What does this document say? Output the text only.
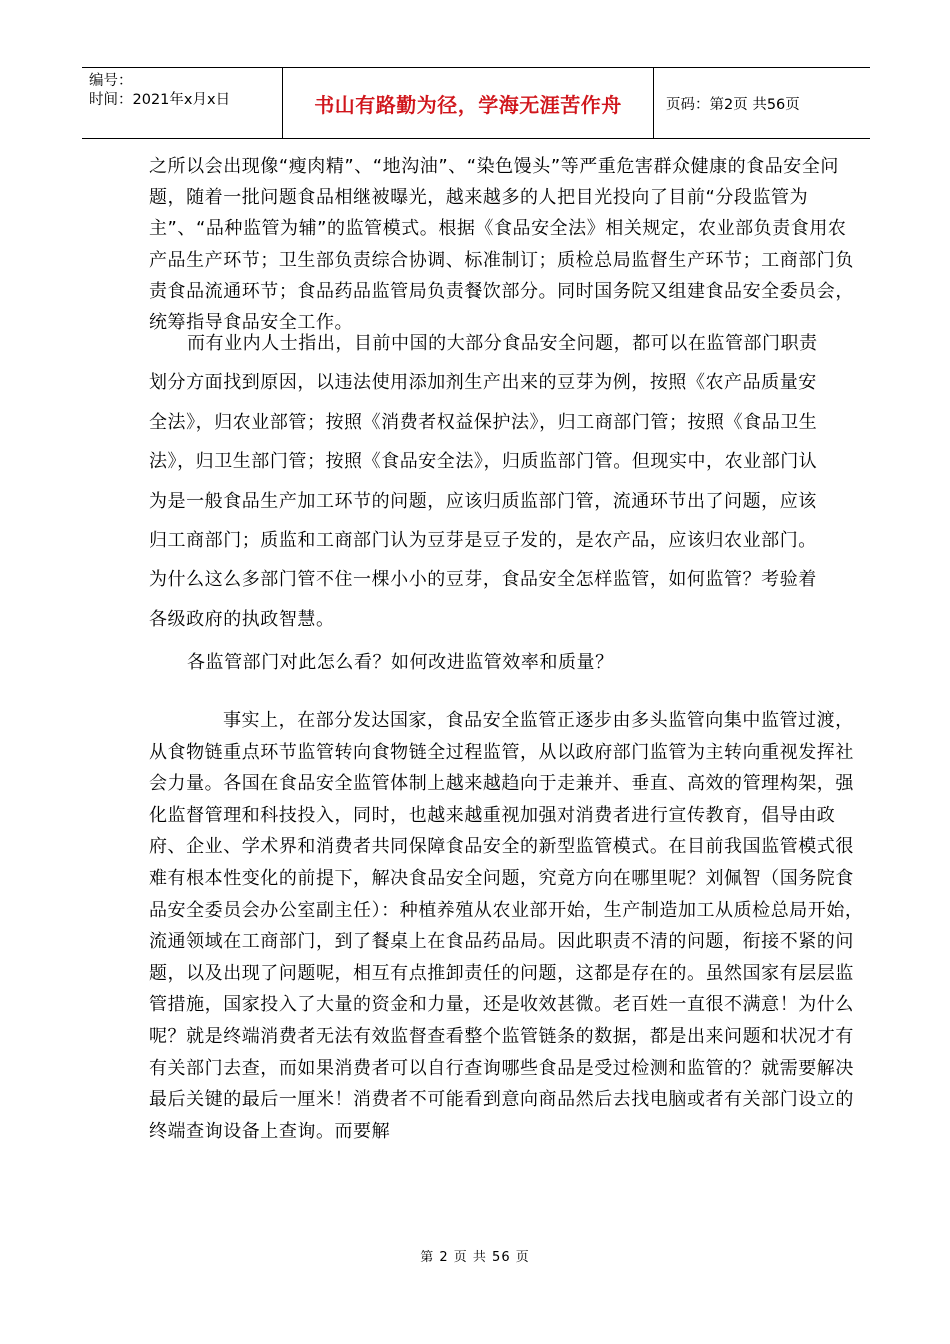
编号：
时间：2021年x月x日	书山有路勤为径，学海无涯苦作舟	页码：第2页 共56页

之所以会出现像“瘦肉精”、“地沟油”、“染色馒头”等严重危害群众健康的食品安全问题，随着一批问题食品相继被曝光，越来越多的人把目光投向了目前“分段监管为主”、“品种监管为辅”的监管模式。根据《食品安全法》相关规定，农业部负责食用农产品生产环节；卫生部负责综合协调、标准制订；质检总局监督生产环节；工商部门负责食品流通环节；食品药品监管局负责餐饮部分。同时国务院又组建食品安全委员会，统筹指导食品安全工作。

而有业内人士指出，目前中国的大部分食品安全问题，都可以在监管部门职责划分方面找到原因，以违法使用添加剂生产出来的豆芽为例，按照《农产品质量安全法》，归农业部管；按照《消费者权益保护法》，归工商部门管；按照《食品卫生法》，归卫生部门管；按照《食品安全法》，归质监部门管。但现实中，农业部门认为是一般食品生产加工环节的问题，应该归质监部门管，流通环节出了问题，应该归工商部门；质监和工商部门认为豆芽是豆子发的，是农产品，应该归农业部门。为什么这么多部门管不住一棵小小的豆芽，食品安全怎样监管，如何监管？考验着各级政府的执政智慧。

各监管部门对此怎么看？如何改进监管效率和质量？

事实上，在部分发达国家，食品安全监管正逐步由多头监管向集中监管过渡，从食物链重点环节监管转向食物链全过程监管，从以政府部门监管为主转向重视发挥社会力量。各国在食品安全监管体制上越来越趋向于走兼并、垂直、高效的管理构架，强化监督管理和科技投入，同时，也越来越重视加强对消费者进行宣传教育，倡导由政府、企业、学术界和消费者共同保障食品安全的新型监管模式。在目前我国监管模式很难有根本性变化的前提下，解决食品安全问题，究竟方向在哪里呢？刘佩智（国务院食品安全委员会办公室副主任）：种植养殖从农业部开始，生产制造加工从质检总局开始，流通领域在工商部门，到了餐桌上在食品药品局。因此职责不清的问题，衔接不紧的问题，以及出现了问题呢，相互有点推卸责任的问题，这都是存在的。虽然国家有层层监管措施，国家投入了大量的资金和力量，还是收效甚微。老百姓一直很不满意！为什么呢？就是终端消费者无法有效监督查看整个监管链条的数据，都是出来问题和状况才有有关部门去查，而如果消费者可以自行查询哪些食品是受过检测和监管的？就需要解决最后关键的最后一厘米！消费者不可能看到意向商品然后去找电脑或者有关部门设立的终端查询设备上查询。而要解

第 2 页 共 56 页
